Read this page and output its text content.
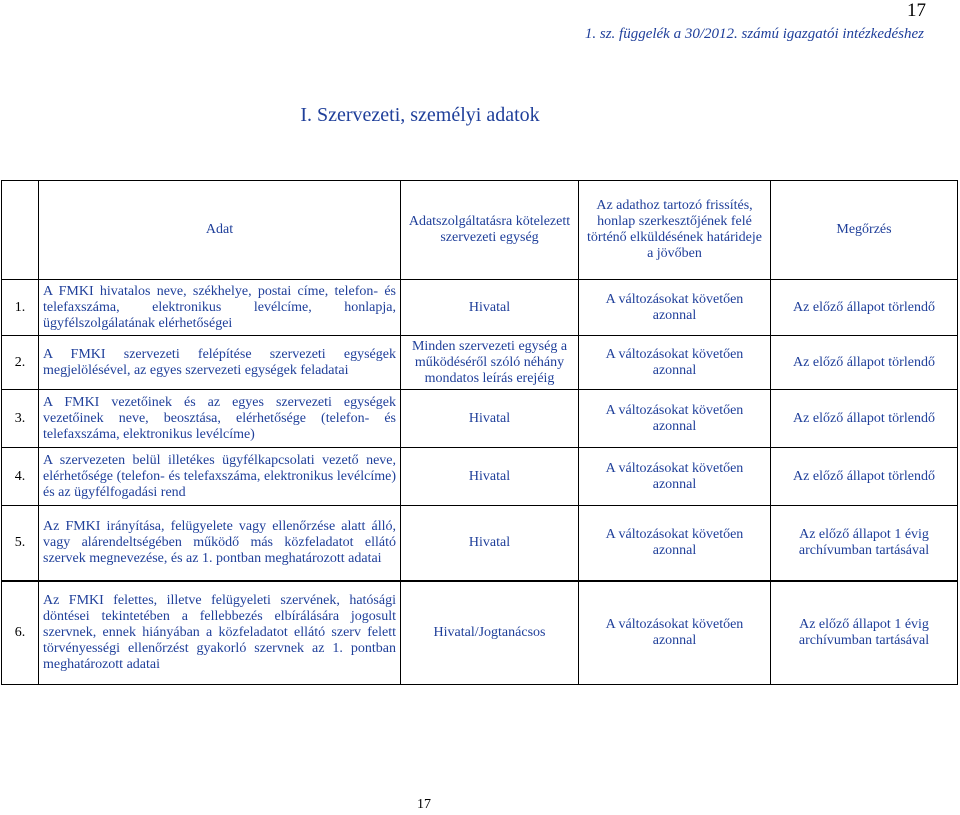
17
1. sz. függelék a 30/2012. számú igazgatói intézkedéshez
I. Szervezeti, személyi adatok
	Adat	Adatszolgáltatásra kötelezett szervezeti egység	Az adathoz tartozó frissítés, honlap szerkesztőjének felé történő elküldésének határideje a jövőben	Megőrzés
1.	A FMKI hivatalos neve, székhelye, postai címe, telefon- és telefaxszáma, elektronikus levélcíme, honlapja, ügyfélszolgálatának elérhetőségei	Hivatal	A változásokat követően azonnal	Az előző állapot törlendő
2.	A FMKI szervezeti felépítése szervezeti egységek megjelölésével, az egyes szervezeti egységek feladatai	Minden szervezeti egység a működéséről szóló néhány mondatos leírás erejéig	A változásokat követően azonnal	Az előző állapot törlendő
3.	A FMKI vezetőinek és az egyes szervezeti egységek vezetőinek neve, beosztása, elérhetősége (telefon- és telefaxszáma, elektronikus levélcíme)	Hivatal	A változásokat követően azonnal	Az előző állapot törlendő
4.	A szervezeten belül illetékes ügyfélkapcsolati vezető neve, elérhetősége (telefon- és telefaxszáma, elektronikus levélcíme) és az ügyfélfogadási rend	Hivatal	A változásokat követően azonnal	Az előző állapot törlendő
5.	Az FMKI irányítása, felügyelete vagy ellenőrzése alatt álló, vagy alárendeltségében működő más közfeladatot ellátó szervek megnevezése, és az 1. pontban meghatározott adatai	Hivatal	A változásokat követően azonnal	Az előző állapot 1 évig archívumban tartásával
6.	Az FMKI felettes, illetve felügyeleti szervének, hatósági döntései tekintetében a fellebbezés elbírálására jogosult szervnek, ennek hiányában a közfeladatot ellátó szerv felett törvényességi ellenőrzést gyakorló szervnek az 1. pontban meghatározott adatai	Hivatal/Jogtanácsos	A változásokat követően azonnal	Az előző állapot 1 évig archívumban tartásával
17
